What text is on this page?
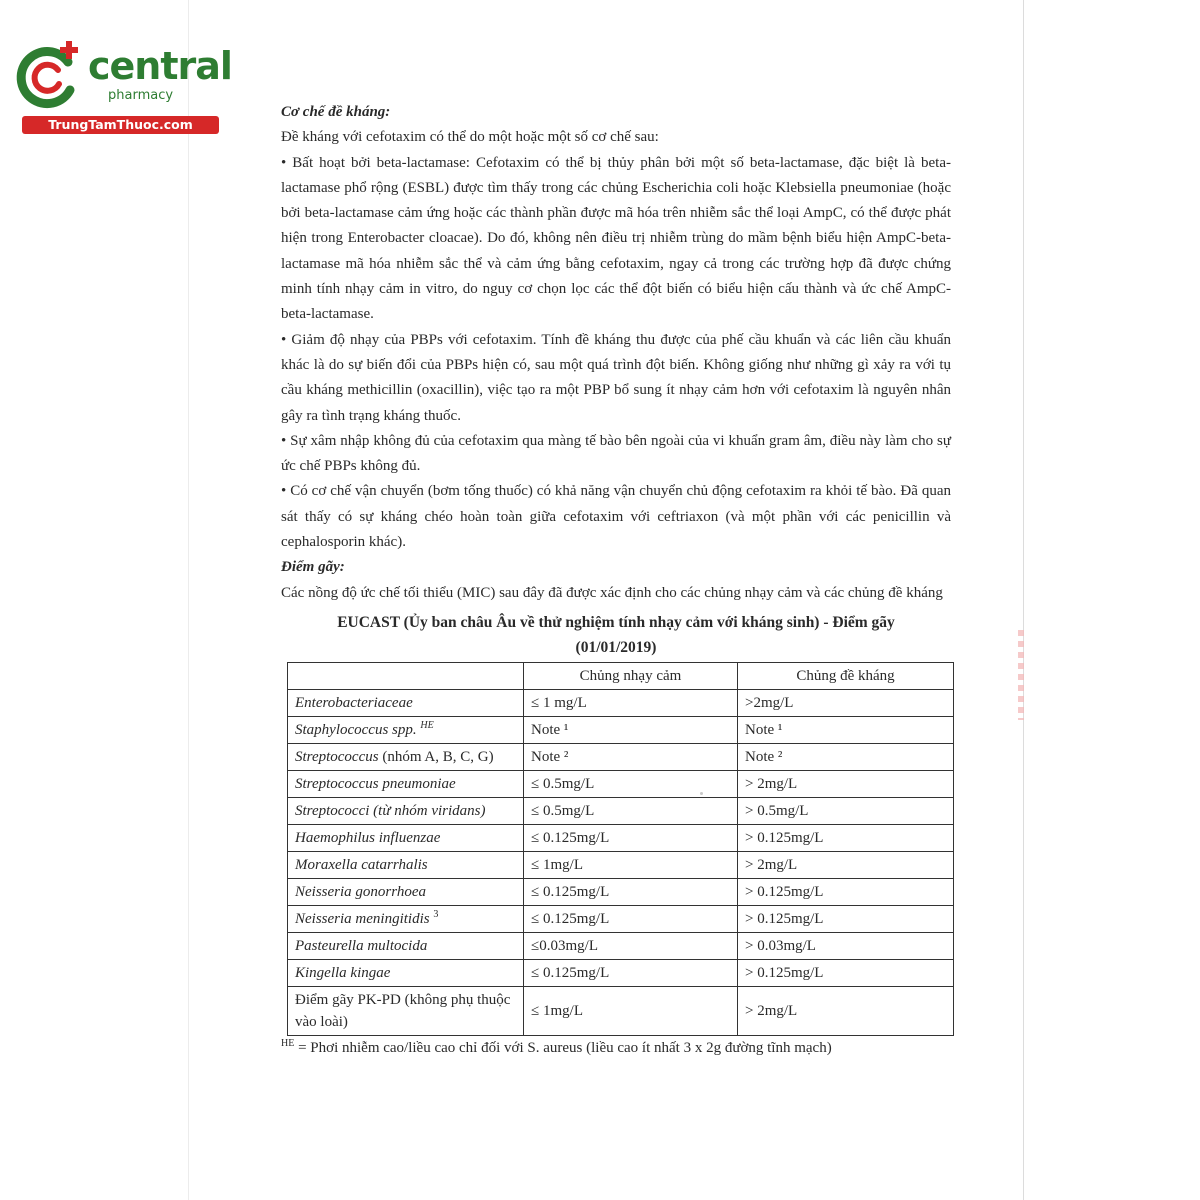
central
pharmacy
TrungTamThuoc.com

Cơ chế đề kháng:

Đề kháng với cefotaxim có thể do một hoặc một số cơ chế sau:

• Bất hoạt bởi beta-lactamase: Cefotaxim có thể bị thủy phân bởi một số beta-lactamase, đặc biệt là beta-lactamase phổ rộng (ESBL) được tìm thấy trong các chủng Escherichia coli hoặc Klebsiella pneumoniae (hoặc bởi beta-lactamase cảm ứng hoặc các thành phần được mã hóa trên nhiễm sắc thể loại AmpC, có thể được phát hiện trong Enterobacter cloacae). Do đó, không nên điều trị nhiễm trùng do mầm bệnh biểu hiện AmpC-beta-lactamase mã hóa nhiễm sắc thể và cảm ứng bằng cefotaxim, ngay cả trong các trường hợp đã được chứng minh tính nhạy cảm in vitro, do nguy cơ chọn lọc các thể đột biến có biểu hiện cấu thành và ức chế AmpC-beta-lactamase.

• Giảm độ nhạy của PBPs với cefotaxim. Tính đề kháng thu được của phế cầu khuẩn và các liên cầu khuẩn khác là do sự biến đổi của PBPs hiện có, sau một quá trình đột biến. Không giống như những gì xảy ra với tụ cầu kháng methicillin (oxacillin), việc tạo ra một PBP bổ sung ít nhạy cảm hơn với cefotaxim là nguyên nhân gây ra tình trạng kháng thuốc.

• Sự xâm nhập không đủ của cefotaxim qua màng tế bào bên ngoài của vi khuẩn gram âm, điều này làm cho sự ức chế PBPs không đủ.

• Có cơ chế vận chuyển (bơm tống thuốc) có khả năng vận chuyển chủ động cefotaxim ra khỏi tế bào. Đã quan sát thấy có sự kháng chéo hoàn toàn giữa cefotaxim với ceftriaxon (và một phần với các penicillin và cephalosporin khác).

Điểm gãy:

Các nồng độ ức chế tối thiểu (MIC) sau đây đã được xác định cho các chủng nhạy cảm và các chủng đề kháng

EUCAST (Ủy ban châu Âu về thử nghiệm tính nhạy cảm với kháng sinh) - Điểm gãy
(01/01/2019)
	Chủng nhạy cảm	Chủng đề kháng
Enterobacteriaceae	≤ 1 mg/L	>2mg/L
Staphylococcus spp. $^{HE}$	Note ¹	Note ¹
Streptococcus (nhóm A, B, C, G)	Note ²	Note ²
Streptococcus pneumoniae	≤ 0.5mg/L	> 2mg/L
Streptococci (từ nhóm viridans)	≤ 0.5mg/L	> 0.5mg/L
Haemophilus influenzae	≤ 0.125mg/L	> 0.125mg/L
Moraxella catarrhalis	≤ 1mg/L	> 2mg/L
Neisseria gonorrhoea	≤ 0.125mg/L	> 0.125mg/L
Neisseria meningitidis $^3$	≤ 0.125mg/L	> 0.125mg/L
Pasteurella multocida	≤0.03mg/L	> 0.03mg/L
Kingella kingae	≤ 0.125mg/L	> 0.125mg/L
Điểm gãy PK-PD (không phụ thuộc vào loài)	≤ 1mg/L	> 2mg/L
$^{HE}$ = Phơi nhiễm cao/liều cao chỉ đối với S. aureus (liều cao ít nhất 3 x 2g đường tĩnh mạch)
